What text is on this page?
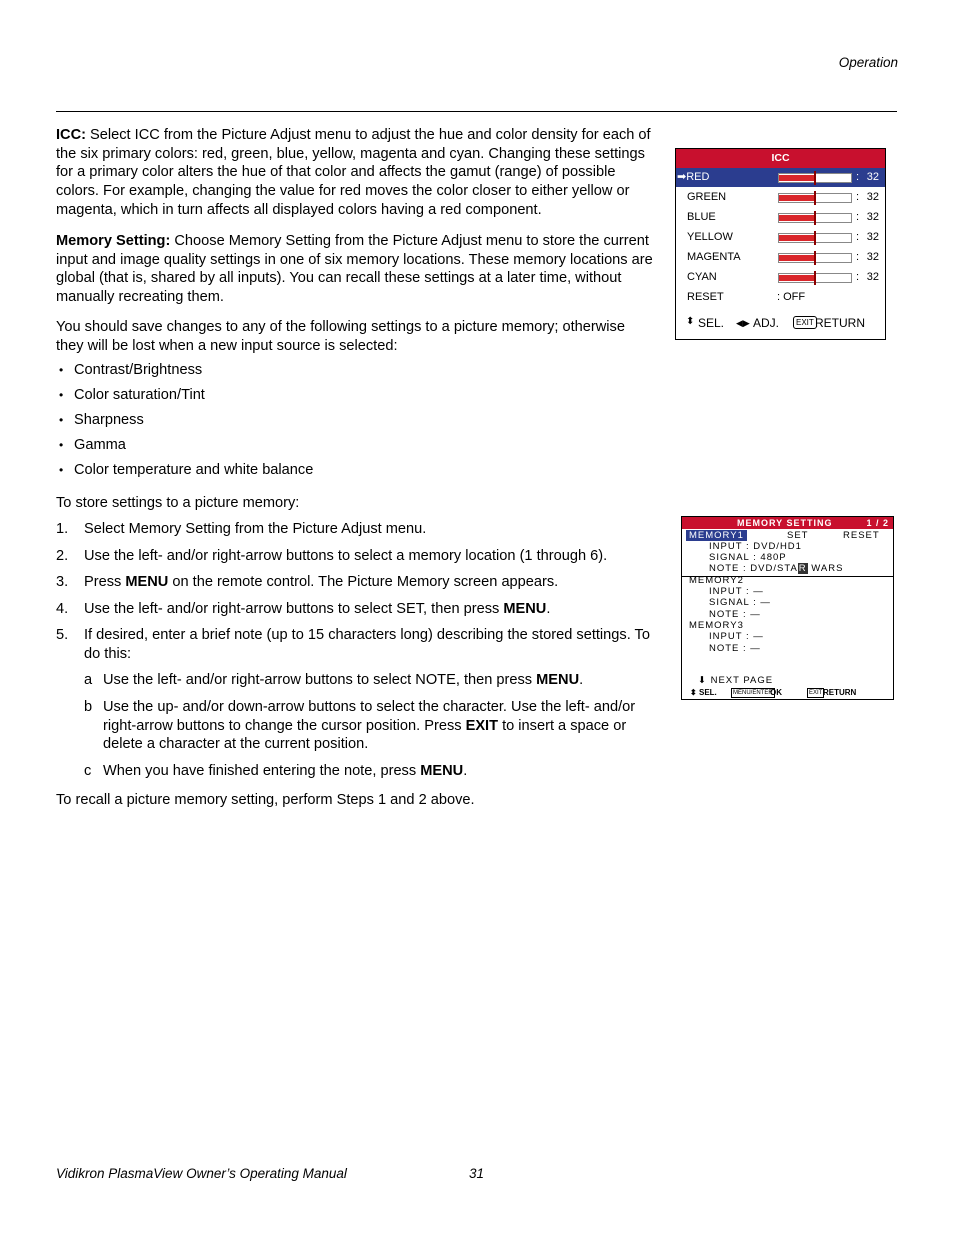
Operation
ICC: Select ICC from the Picture Adjust menu to adjust the hue and color density for each of the six primary colors: red, green, blue, yellow, magenta and cyan. Changing these settings for a primary color alters the hue of that color and affects the gamut (range) of possible colors. For example, changing the value for red moves the color closer to either yellow or magenta, which in turn affects all displayed colors having a red component.
Memory Setting: Choose Memory Setting from the Picture Adjust menu to store the current input and image quality settings in one of six memory locations. These memory locations are global (that is, shared by all inputs). You can recall these settings at a later time, without manually recreating them.
You should save changes to any of the following settings to a picture memory; otherwise they will be lost when a new input source is selected:
• Contrast/Brightness
• Color saturation/Tint
• Sharpness
• Gamma
• Color temperature and white balance
To store settings to a picture memory:
1. Select Memory Setting from the Picture Adjust menu.
2. Use the left- and/or right-arrow buttons to select a memory location (1 through 6).
3. Press MENU on the remote control. The Picture Memory screen appears.
4. Use the left- and/or right-arrow buttons to select SET, then press MENU.
5. If desired, enter a brief note (up to 15 characters long) describing the stored settings. To do this:
a Use the left- and/or right-arrow buttons to select NOTE, then press MENU.
b Use the up- and/or down-arrow buttons to select the character. Use the left- and/or right-arrow buttons to change the cursor position. Press EXIT to insert a space or delete a character at the current position.
c When you have finished entering the note, press MENU.
To recall a picture memory setting, perform Steps 1 and 2 above.
ICC
➡RED	: 32
GREEN	: 32
BLUE	: 32
YELLOW	: 32
MAGENTA	: 32
CYAN	: 32
RESET	: OFF
⬍ SEL. ◀▶ ADJ.	EXIT RETURN
MEMORY SETTING	1 / 2
MEMORY1	SET	RESET
INPUT : DVD/HD1
SIGNAL : 480P
NOTE : DVD/STAR WARS
MEMORY2
INPUT : —
SIGNAL : —
NOTE : —
MEMORY3
INPUT : —
NOTE : —
⬇ NEXT PAGE
⬍ SEL.	MENU/ENTER
OK	EXIT RETURN
Vidikron PlasmaView Owner’s Operating Manual	31
